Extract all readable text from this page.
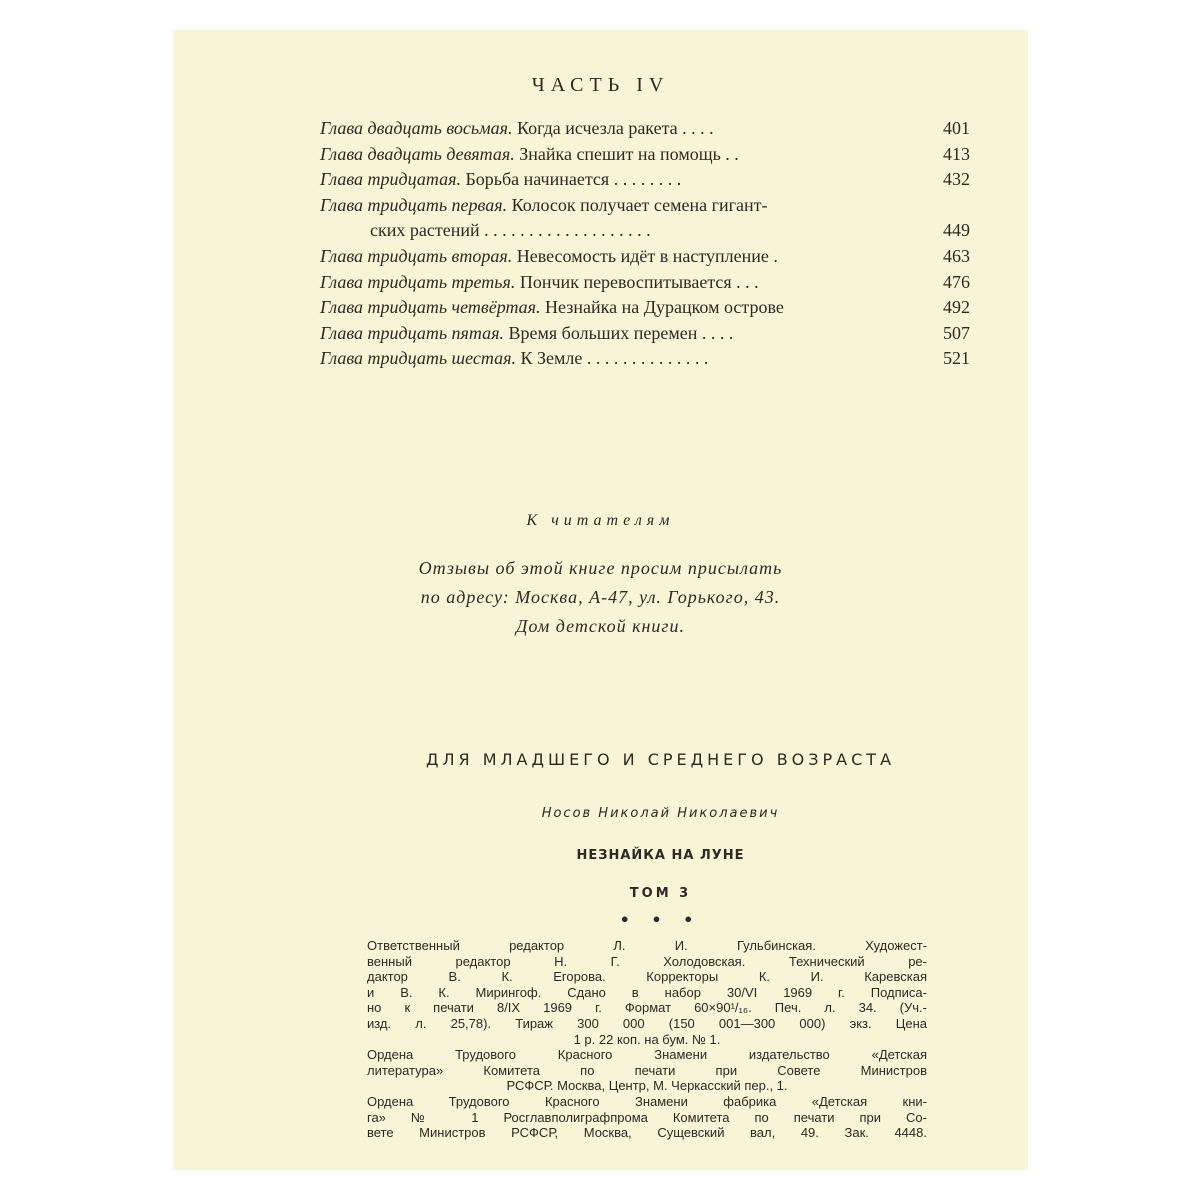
ЧАСТЬ IV
Глава двадцать восьмая. Когда исчезла ракета . . . .	401
Глава двадцать девятая. Знайка спешит на помощь . .	413
Глава тридцатая. Борьба начинается . . . . . . . .	432
Глава тридцать первая. Колосок получает семена гигант-
ских растений . . . . . . . . . . . . . . . . . . .	449
Глава тридцать вторая. Невесомость идёт в наступление .	463
Глава тридцать третья. Пончик перевоспитывается . . .	476
Глава тридцать четвёртая. Незнайка на Дурацком острове	492
Глава тридцать пятая. Время больших перемен . . . .	507
Глава тридцать шестая. К Земле . . . . . . . . . . . . . .	521
К читателям
Отзывы об этой книге просим присылать
по адресу: Москва, А-47, ул. Горького, 43.
Дом детской книги.
ДЛЯ МЛАДШЕГО И СРЕДНЕГО ВОЗРАСТА
Носов Николай Николаевич
НЕЗНАЙКА НА ЛУНЕ
ТОМ 3
• • •
Ответственный редактор Л. И. Гульбинская. Художест-
венный редактор Н. Г. Холодовская. Технический ре-
дактор В. К. Егорова. Корректоры К. И. Каревская
и В. К. Мирингоф. Сдано в набор 30/VI 1969 г. Подписа-
но к печати 8/IX 1969 г. Формат 60×90¹/₁₆. Печ. л. 34. (Уч.-
изд. л. 25,78). Тираж 300 000 (150 001—300 000) экз. Цена
1 р. 22 коп. на бум. № 1.
Ордена Трудового Красного Знамени издательство «Детская
литература» Комитета по печати при Совете Министров
РСФСР. Москва, Центр, М. Черкасский пер., 1.
Ордена Трудового Красного Знамени фабрика «Детская кни-
га» № 1 Росглавполиграфпрома Комитета по печати при Со-
вете Министров РСФСР, Москва, Сущевский вал, 49. Зак. 4448.
